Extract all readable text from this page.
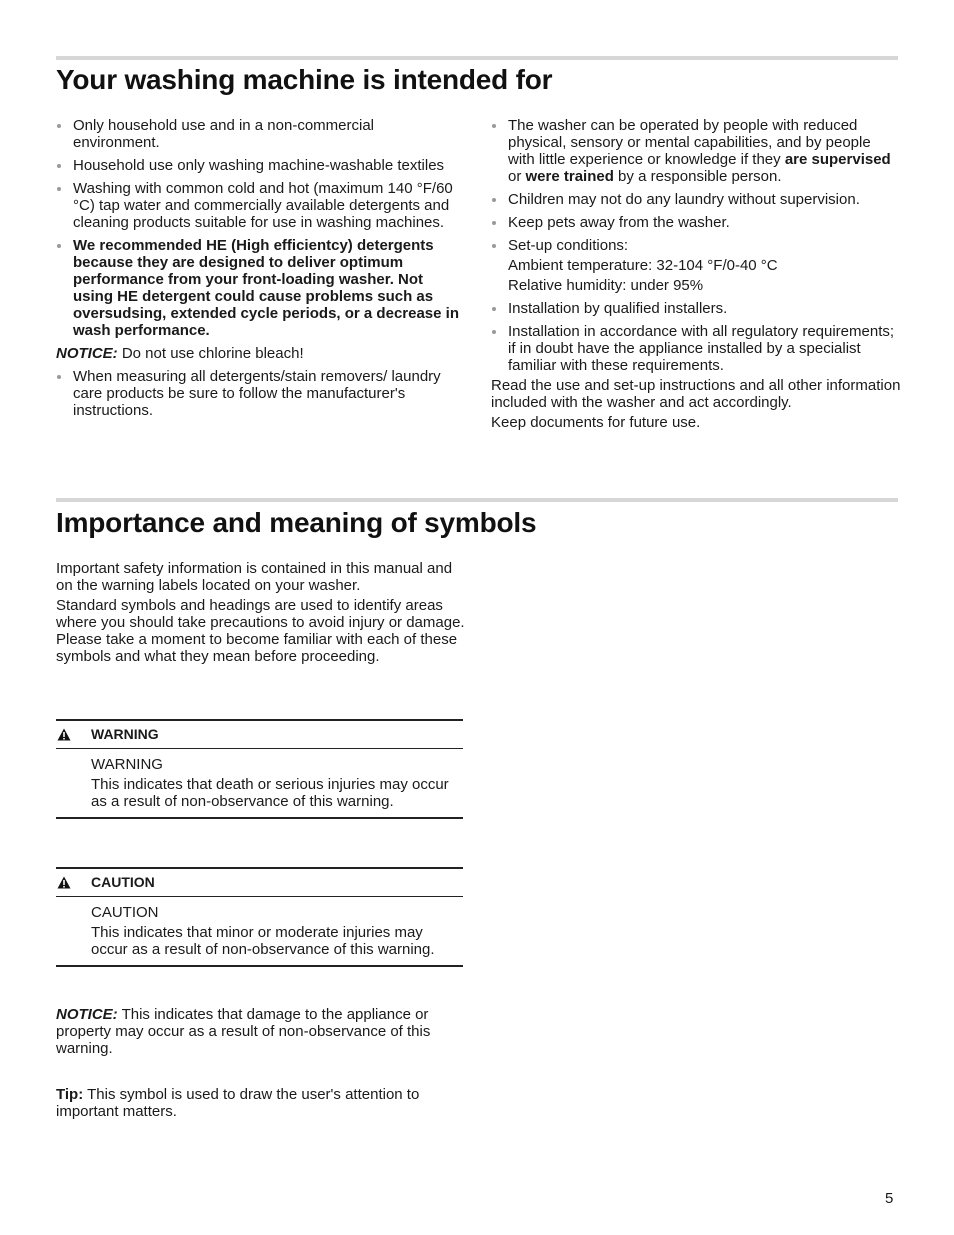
Your washing machine is intended for
Only household use and in a non-commercial environment.
Household use only washing machine-washable textiles
Washing with common cold and hot (maximum 140 °F/60 °C) tap water and commercially available detergents and cleaning products suitable for use in washing machines.
We recommended HE (High efficientcy) detergents because they are designed to deliver optimum performance from your front-loading washer. Not using HE detergent could cause problems such as oversudsing, extended cycle periods, or a decrease in wash performance.

NOTICE: Do not use chlorine bleach!

When measuring all detergents/stain removers/ laundry care products be sure to follow the manufacturer's instructions.
The washer can be operated by people with reduced physical, sensory or mental capabilities, and by people with little experience or knowledge if they are supervised or were trained by a responsible person.
Children may not do any laundry without supervision.
Keep pets away from the washer.
Set-up conditions:
Ambient temperature: 32-104 °F/0-40 °C
Relative humidity: under 95%
Installation by qualified installers.
Installation in accordance with all regulatory requirements; if in doubt have the appliance installed by a specialist familiar with these requirements.

Read the use and set-up instructions and all other information included with the washer and act accordingly.

Keep documents for future use.

Importance and meaning of symbols

Important safety information is contained in this manual and on the warning labels located on your washer.

Standard symbols and headings are used to identify areas where you should take precautions to avoid injury or damage. Please take a moment to become familiar with each of these symbols and what they mean before proceeding.

WARNING
WARNING
This indicates that death or serious injuries may occur as a result of non-observance of this warning.
CAUTION
CAUTION
This indicates that minor or moderate injuries may occur as a result of non-observance of this warning.

NOTICE: This indicates that damage to the appliance or property may occur as a result of non-observance of this warning.

Tip: This symbol is used to draw the user's attention to important matters.

5
